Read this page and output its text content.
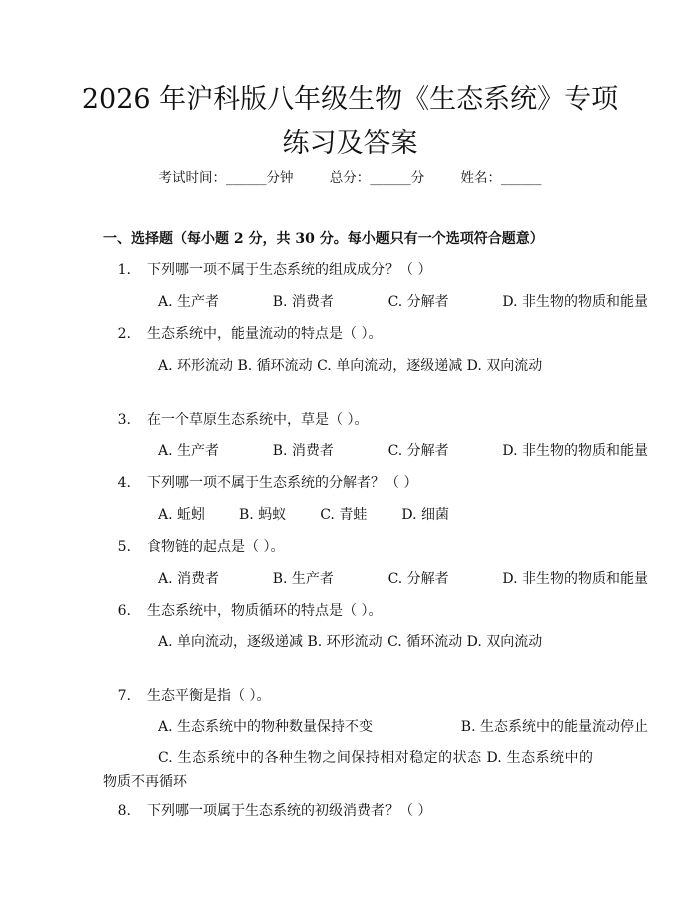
2026 年沪科版八年级生物《生态系统》专项
练习及答案
考试时间：______分钟	总分：______分	姓名：______
一、选择题（每小题 2 分，共 30 分。每小题只有一个选项符合题意）
1. 下列哪一项不属于生态系统的组成成分？（ ）
A. 生产者	B. 消费者	C. 分解者	D. 非生物的物质和能量
2. 生态系统中，能量流动的特点是（ ）。
A. 环形流动 B. 循环流动 C. 单向流动，逐级递减 D. 双向流动
3. 在一个草原生态系统中，草是（ ）。
A. 生产者	B. 消费者	C. 分解者	D. 非生物的物质和能量
4. 下列哪一项不属于生态系统的分解者？（ ）
A. 蚯蚓 B. 蚂蚁 C. 青蛙 D. 细菌
5. 食物链的起点是（ ）。
A. 消费者	B. 生产者	C. 分解者	D. 非生物的物质和能量
6. 生态系统中，物质循环的特点是（ ）。
A. 单向流动，逐级递减 B. 环形流动 C. 循环流动 D. 双向流动
7. 生态平衡是指（ ）。
A. 生态系统中的物种数量保持不变	B. 生态系统中的能量流动停止
C. 生态系统中的各种生物之间保持相对稳定的状态 D. 生态系统中的物质不再循环
8. 下列哪一项属于生态系统的初级消费者？（ ）
